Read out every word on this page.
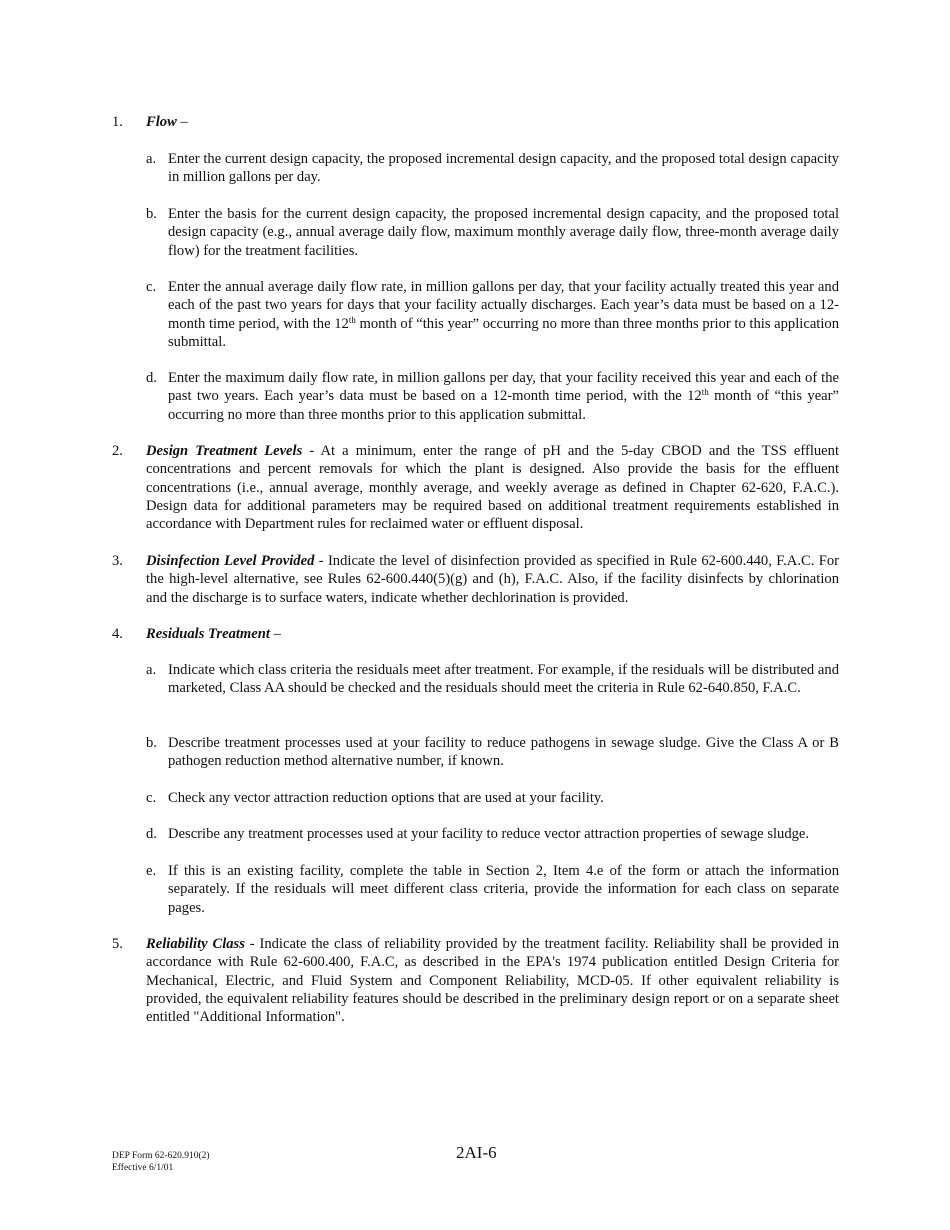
1. Flow –
a. Enter the current design capacity, the proposed incremental design capacity, and the proposed total design capacity in million gallons per day.
b. Enter the basis for the current design capacity, the proposed incremental design capacity, and the proposed total design capacity (e.g., annual average daily flow, maximum monthly average daily flow, three-month average daily flow) for the treatment facilities.
c. Enter the annual average daily flow rate, in million gallons per day, that your facility actually treated this year and each of the past two years for days that your facility actually discharges. Each year’s data must be based on a 12-month time period, with the 12th month of “this year” occurring no more than three months prior to this application submittal.
d. Enter the maximum daily flow rate, in million gallons per day, that your facility received this year and each of the past two years. Each year’s data must be based on a 12-month time period, with the 12th month of “this year” occurring no more than three months prior to this application submittal.
2. Design Treatment Levels - At a minimum, enter the range of pH and the 5-day CBOD and the TSS effluent concentrations and percent removals for which the plant is designed. Also provide the basis for the effluent concentrations (i.e., annual average, monthly average, and weekly average as defined in Chapter 62-620, F.A.C.). Design data for additional parameters may be required based on additional treatment requirements established in accordance with Department rules for reclaimed water or effluent disposal.
3. Disinfection Level Provided - Indicate the level of disinfection provided as specified in Rule 62-600.440, F.A.C. For the high-level alternative, see Rules 62-600.440(5)(g) and (h), F.A.C. Also, if the facility disinfects by chlorination and the discharge is to surface waters, indicate whether dechlorination is provided.
4. Residuals Treatment –
a. Indicate which class criteria the residuals meet after treatment. For example, if the residuals will be distributed and marketed, Class AA should be checked and the residuals should meet the criteria in Rule 62-640.850, F.A.C.
b. Describe treatment processes used at your facility to reduce pathogens in sewage sludge. Give the Class A or B pathogen reduction method alternative number, if known.
c. Check any vector attraction reduction options that are used at your facility.
d. Describe any treatment processes used at your facility to reduce vector attraction properties of sewage sludge.
e. If this is an existing facility, complete the table in Section 2, Item 4.e of the form or attach the information separately. If the residuals will meet different class criteria, provide the information for each class on separate pages.
5. Reliability Class - Indicate the class of reliability provided by the treatment facility. Reliability shall be provided in accordance with Rule 62-600.400, F.A.C, as described in the EPA's 1974 publication entitled Design Criteria for Mechanical, Electric, and Fluid System and Component Reliability, MCD-05. If other equivalent reliability is provided, the equivalent reliability features should be described in the preliminary design report or on a separate sheet entitled "Additional Information".
DEP Form 62-620.910(2)
Effective 6/1/01
2AI-6
